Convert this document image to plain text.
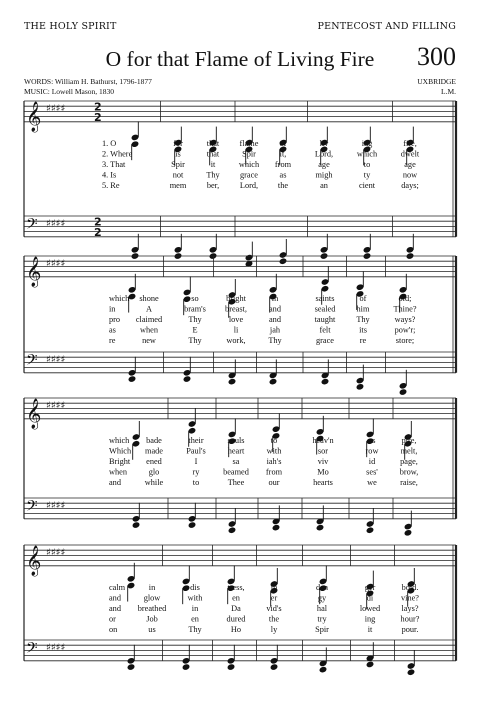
THE HOLY SPIRIT	PENTECOST AND FILLING
O for that Flame of Living Fire 300
WORDS: William H. Bathurst, 1796-1877
MUSIC: Lowell Mason, 1830
UXBRIDGE
L.M.
𝄞
𝄢
♯♯♯♯
♯♯♯♯
2
2
2
2
1. O
2. Where
3. That
4. Is
5. Re
for
is
Spir
not
mem
that
that
it
Thy
ber,
flame
Spir
which
grace
Lord,
of
it,
from
as
the
liv
Lord,
age
migh
an
ing
which
to
ty
cient
fire,
dwelt
age
now
days;
𝄞
𝄢
♯♯♯♯
♯♯♯♯
which
in
pro
as
re
shone
A
claimed
when
new
so
bram's
Thy
E
Thy
bright
breast,
love
li
work,
in
and
and
jah
Thy
saints
sealed
taught
felt
grace
of
him
Thy
its
re
old;
Thine?
ways?
pow'r;
store;
𝄞
𝄢
♯♯♯♯
♯♯♯♯
which
Which
Bright
when
and
bade
made
ened
glo
while
their
Paul's
I
ry
to
souls
heart
sa
beamed
Thee
to
with
iah's
from
our
heav'n
sor
viv
Mo
hearts
as
row
id
ses'
we
pire,
melt,
page,
brow,
raise,
𝄞
𝄢
♯♯♯♯
♯♯♯♯
calm
and
and
or
on
in
glow
breathed
Job
us
dis
with
in
en
Thy
tress,
en
Da
dured
Ho
in
er
vid's
the
ly
dan
gy
hal
try
Spir
ger
di
lowed
ing
it
bold.
vine?
lays?
hour?
pour.
